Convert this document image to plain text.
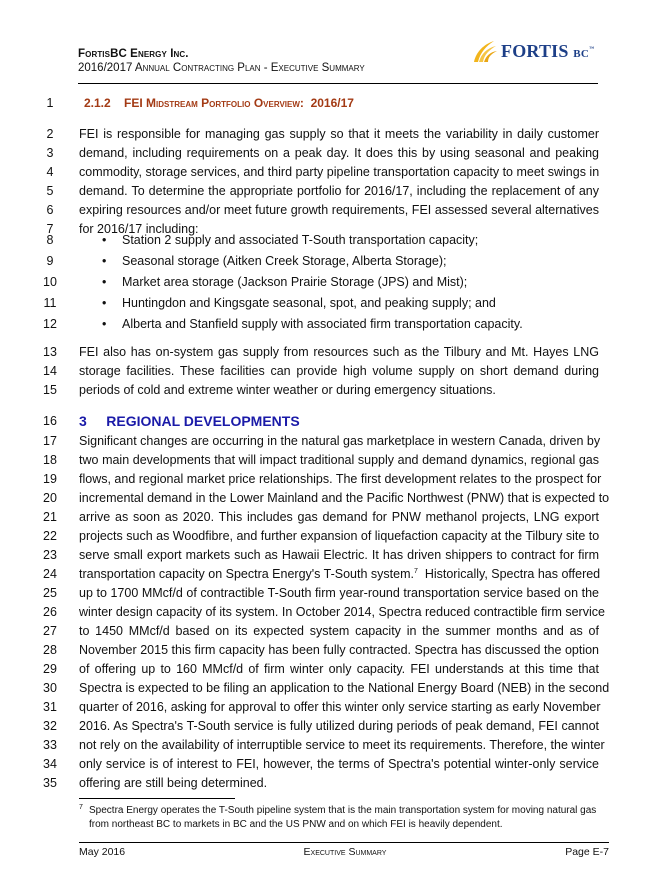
FortisBC Energy Inc.
2016/2017 Annual Contracting Plan - Executive Summary
FORTIS BC™
1
2
3
4
5
6
7
8
9
10
11
12
13
14
15
16
17
18
19
20
21
22
23
24
25
26
27
28
29
30
31
32
33
34
35
2.1.2 FEI Midstream Portfolio Overview: 2016/17
FEI is responsible for managing gas supply so that it meets the variability in daily customer
demand, including requirements on a peak day. It does this by using seasonal and peaking
commodity, storage services, and third party pipeline transportation capacity to meet swings in
demand. To determine the appropriate portfolio for 2016/17, including the replacement of any
expiring resources and/or meet future growth requirements, FEI assessed several alternatives
for 2016/17 including:
• Station 2 supply and associated T-South transportation capacity;
• Seasonal storage (Aitken Creek Storage, Alberta Storage);
• Market area storage (Jackson Prairie Storage (JPS) and Mist);
• Huntingdon and Kingsgate seasonal, spot, and peaking supply; and
• Alberta and Stanfield supply with associated firm transportation capacity.
FEI also has on-system gas supply from resources such as the Tilbury and Mt. Hayes LNG
storage facilities. These facilities can provide high volume supply on short demand during
periods of cold and extreme winter weather or during emergency situations.
3 REGIONAL DEVELOPMENTS
Significant changes are occurring in the natural gas marketplace in western Canada, driven by
two main developments that will impact traditional supply and demand dynamics, regional gas
flows, and regional market price relationships. The first development relates to the prospect for
incremental demand in the Lower Mainland and the Pacific Northwest (PNW) that is expected to
arrive as soon as 2020. This includes gas demand for PNW methanol projects, LNG export
projects such as Woodfibre, and further expansion of liquefaction capacity at the Tilbury site to
serve small export markets such as Hawaii Electric. It has driven shippers to contract for firm
transportation capacity on Spectra Energy's T-South system.$^7$  Historically, Spectra has offered
up to 1700 MMcf/d of contractible T-South firm year-round transportation service based on the
winter design capacity of its system. In October 2014, Spectra reduced contractible firm service
to 1450 MMcf/d based on its expected system capacity in the summer months and as of
November 2015 this firm capacity has been fully contracted. Spectra has discussed the option
of offering up to 160 MMcf/d of firm winter only capacity. FEI understands at this time that
Spectra is expected to be filing an application to the National Energy Board (NEB) in the second
quarter of 2016, asking for approval to offer this winter only service starting as early November
2016. As Spectra's T-South service is fully utilized during periods of peak demand, FEI cannot
not rely on the availability of interruptible service to meet its requirements. Therefore, the winter
only service is of interest to FEI, however, the terms of Spectra's potential winter-only service
offering are still being determined.
7 Spectra Energy operates the T-South pipeline system that is the main transportation system for moving natural gas from northeast BC to markets in BC and the US PNW and on which FEI is heavily dependent.
May 2016	Executive Summary	Page E-7
